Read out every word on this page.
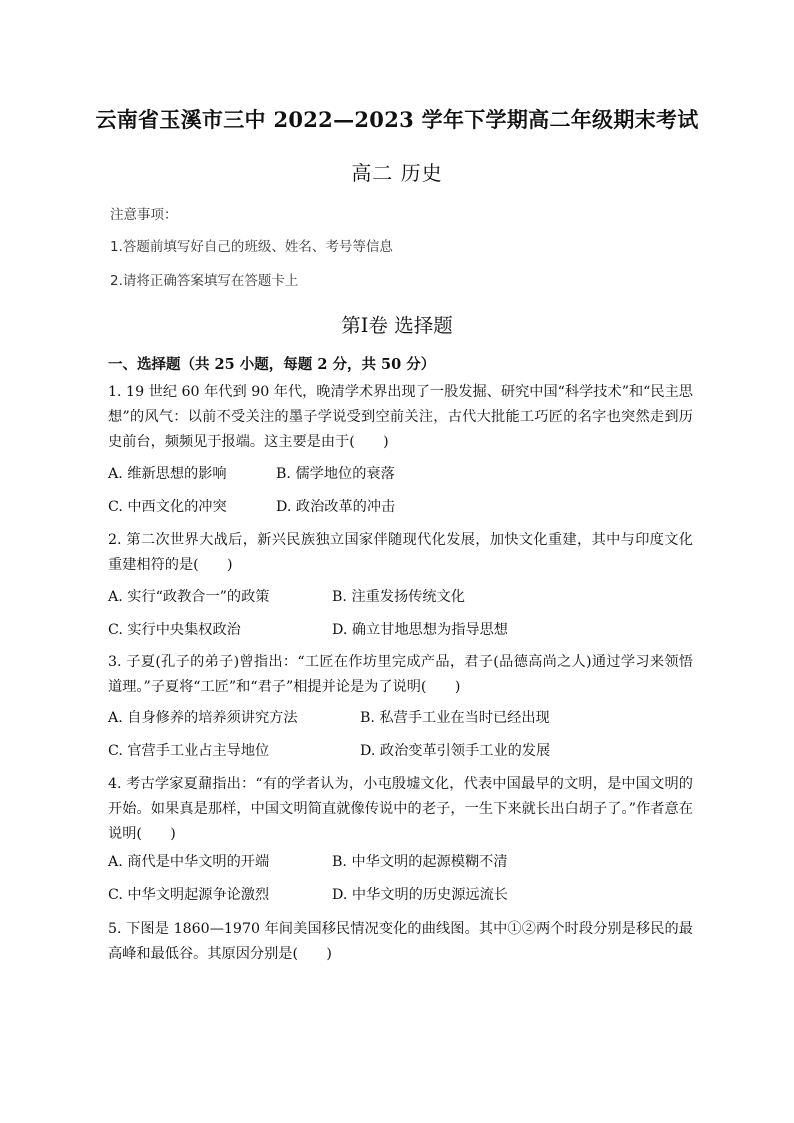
云南省玉溪市三中 2022—2023 学年下学期高二年级期末考试
高二 历史
注意事项：
1.答题前填写好自己的班级、姓名、考号等信息
2.请将正确答案填写在答题卡上
第Ⅰ卷 选择题
一、选择题（共 25 小题，每题 2 分，共 50 分）
1. 19 世纪 60 年代到 90 年代，晚清学术界出现了一股发掘、研究中国“科学技术”和“民主思想”的风气：以前不受关注的墨子学说受到空前关注，古代大批能工巧匠的名字也突然走到历史前台，频频见于报端。这主要是由于(　　)
A. 维新思想的影响	B. 儒学地位的衰落
C. 中西文化的冲突	D. 政治改革的冲击
2. 第二次世界大战后，新兴民族独立国家伴随现代化发展，加快文化重建，其中与印度文化重建相符的是(　　)
A. 实行“政教合一”的政策	B. 注重发扬传统文化
C. 实行中央集权政治	D. 确立甘地思想为指导思想
3. 子夏(孔子的弟子)曾指出：“工匠在作坊里完成产品，君子(品德高尚之人)通过学习来领悟道理。”子夏将“工匠”和“君子”相提并论是为了说明(　　)
A. 自身修养的培养须讲究方法	B. 私营手工业在当时已经出现
C. 官营手工业占主导地位	D. 政治变革引领手工业的发展
4. 考古学家夏鼐指出：“有的学者认为，小屯殷墟文化，代表中国最早的文明，是中国文明的开始。如果真是那样，中国文明简直就像传说中的老子，一生下来就长出白胡子了。”作者意在说明(　　)
A. 商代是中华文明的开端	B. 中华文明的起源模糊不清
C. 中华文明起源争论激烈	D. 中华文明的历史源远流长
5. 下图是 1860—1970 年间美国移民情况变化的曲线图。其中①②两个时段分别是移民的最高峰和最低谷。其原因分别是(　　)
